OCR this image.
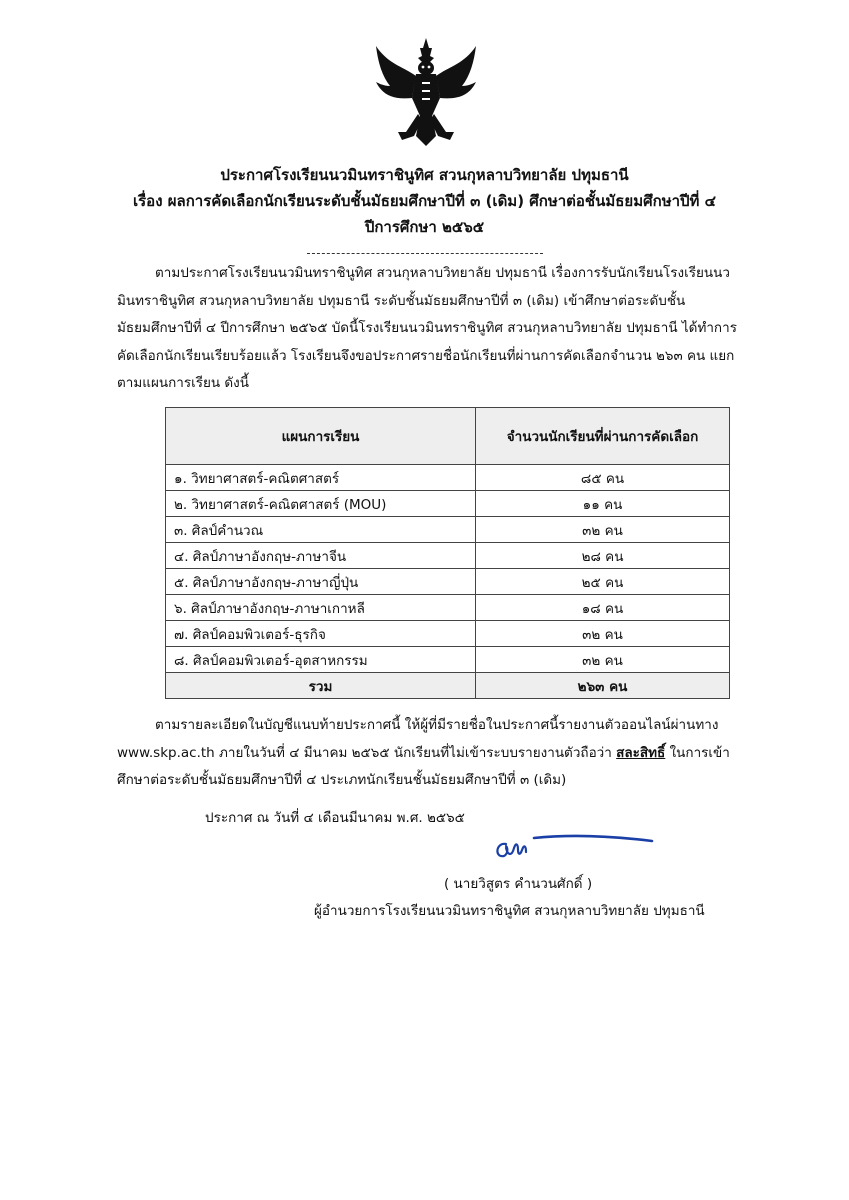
ประกาศโรงเรียนนวมินทราชินูทิศ สวนกุหลาบวิทยาลัย ปทุมธานี
เรื่อง ผลการคัดเลือกนักเรียนระดับชั้นมัธยมศึกษาปีที่ ๓ (เดิม) ศึกษาต่อชั้นมัธยมศึกษาปีที่ ๔
ปีการศึกษา ๒๕๖๕
ตามประกาศโรงเรียนนวมินทราชินูทิศ สวนกุหลาบวิทยาลัย ปทุมธานี เรื่องการรับนักเรียนโรงเรียนนวมินทราชินูทิศ สวนกุหลาบวิทยาลัย ปทุมธานี ระดับชั้นมัธยมศึกษาปีที่ ๓ (เดิม) เข้าศึกษาต่อระดับชั้นมัธยมศึกษาปีที่ ๔ ปีการศึกษา ๒๕๖๕ บัดนี้โรงเรียนนวมินทราชินูทิศ สวนกุหลาบวิทยาลัย ปทุมธานี ได้ทำการคัดเลือกนักเรียนเรียบร้อยแล้ว โรงเรียนจึงขอประกาศรายชื่อนักเรียนที่ผ่านการคัดเลือกจำนวน ๒๖๓ คน แยกตามแผนการเรียน ดังนี้
แผนการเรียน	จำนวนนักเรียนที่ผ่านการคัดเลือก
๑. วิทยาศาสตร์-คณิตศาสตร์	๘๕ คน
๒. วิทยาศาสตร์-คณิตศาสตร์ (MOU)	๑๑ คน
๓. ศิลป์คำนวณ	๓๒ คน
๔. ศิลป์ภาษาอังกฤษ-ภาษาจีน	๒๘ คน
๕. ศิลป์ภาษาอังกฤษ-ภาษาญี่ปุ่น	๒๕ คน
๖. ศิลป์ภาษาอังกฤษ-ภาษาเกาหลี	๑๘ คน
๗. ศิลป์คอมพิวเตอร์-ธุรกิจ	๓๒ คน
๘. ศิลป์คอมพิวเตอร์-อุตสาหกรรม	๓๒ คน
รวม	๒๖๓ คน
ตามรายละเอียดในบัญชีแนบท้ายประกาศนี้ ให้ผู้ที่มีรายชื่อในประกาศนี้รายงานตัวออนไลน์ผ่านทาง www.skp.ac.th ภายในวันที่ ๔ มีนาคม ๒๕๖๕ นักเรียนที่ไม่เข้าระบบรายงานตัวถือว่า สละสิทธิ์ ในการเข้าศึกษาต่อระดับชั้นมัธยมศึกษาปีที่ ๔ ประเภทนักเรียนชั้นมัธยมศึกษาปีที่ ๓ (เดิม)
ประกาศ ณ วันที่ ๔ เดือนมีนาคม พ.ศ. ๒๕๖๕
( นายวิสูตร คำนวนศักดิ์ )
ผู้อำนวยการโรงเรียนนวมินทราชินูทิศ สวนกุหลาบวิทยาลัย ปทุมธานี
